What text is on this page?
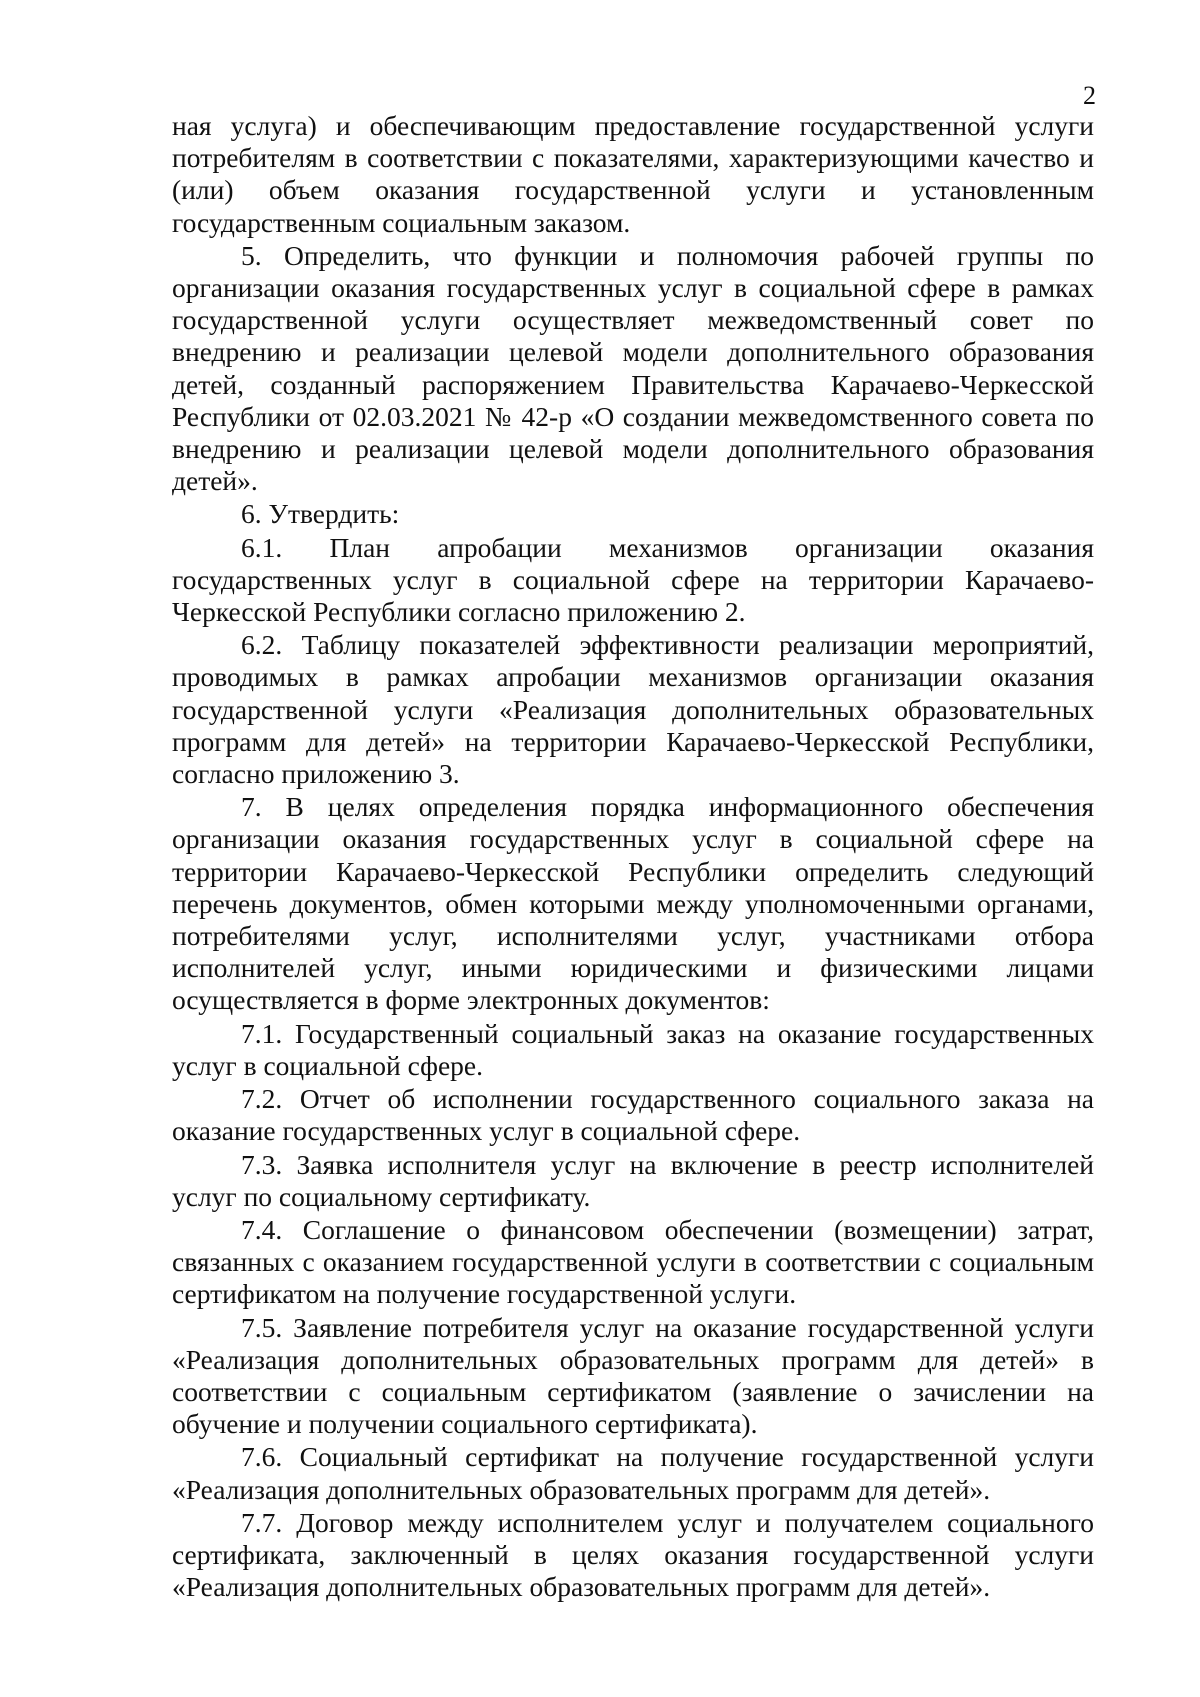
2

ная услуга) и обеспечивающим предоставление государственной услуги потребителям в соответствии с показателями, характеризующими качество и (или) объем оказания государственной услуги и установленным государственным социальным заказом.

5. Определить, что функции и полномочия рабочей группы по организации оказания государственных услуг в социальной сфере в рамках государственной услуги осуществляет межведомственный совет по внедрению и реализации целевой модели дополнительного образования детей, созданный распоряжением Правительства Карачаево-Черкесской Республики от 02.03.2021 № 42-р «О создании межведомственного совета по внедрению и реализации целевой модели дополнительного образования детей».

6. Утвердить:

6.1. План апробации механизмов организации оказания государственных услуг в социальной сфере на территории Карачаево- Черкесской Республики согласно приложению 2.

6.2. Таблицу показателей эффективности реализации мероприятий, проводимых в рамках апробации механизмов организации оказания государственной услуги «Реализация дополнительных образовательных программ для детей» на территории Карачаево-Черкесской Республики, согласно приложению 3.

7. В целях определения порядка информационного обеспечения организации оказания государственных услуг в социальной сфере на территории Карачаево-Черкесской Республики определить следующий перечень документов, обмен которыми между уполномоченными органами, потребителями услуг, исполнителями услуг, участниками отбора исполнителей услуг, иными юридическими и физическими лицами осуществляется в форме электронных документов:

7.1. Государственный социальный заказ на оказание государственных услуг в социальной сфере.

7.2. Отчет об исполнении государственного социального заказа на оказание государственных услуг в социальной сфере.

7.3. Заявка исполнителя услуг на включение в реестр исполнителей услуг по социальному сертификату.

7.4. Соглашение о финансовом обеспечении (возмещении) затрат, связанных с оказанием государственной услуги в соответствии с социальным сертификатом на получение государственной услуги.

7.5. Заявление потребителя услуг на оказание государственной услуги «Реализация дополнительных образовательных программ для детей» в соответствии с социальным сертификатом (заявление о зачислении на обучение и получении социального сертификата).

7.6. Социальный сертификат на получение государственной услуги «Реализация дополнительных образовательных программ для детей».

7.7. Договор между исполнителем услуг и получателем социального сертификата, заключенный в целях оказания государственной услуги «Реализация дополнительных образовательных программ для детей».
